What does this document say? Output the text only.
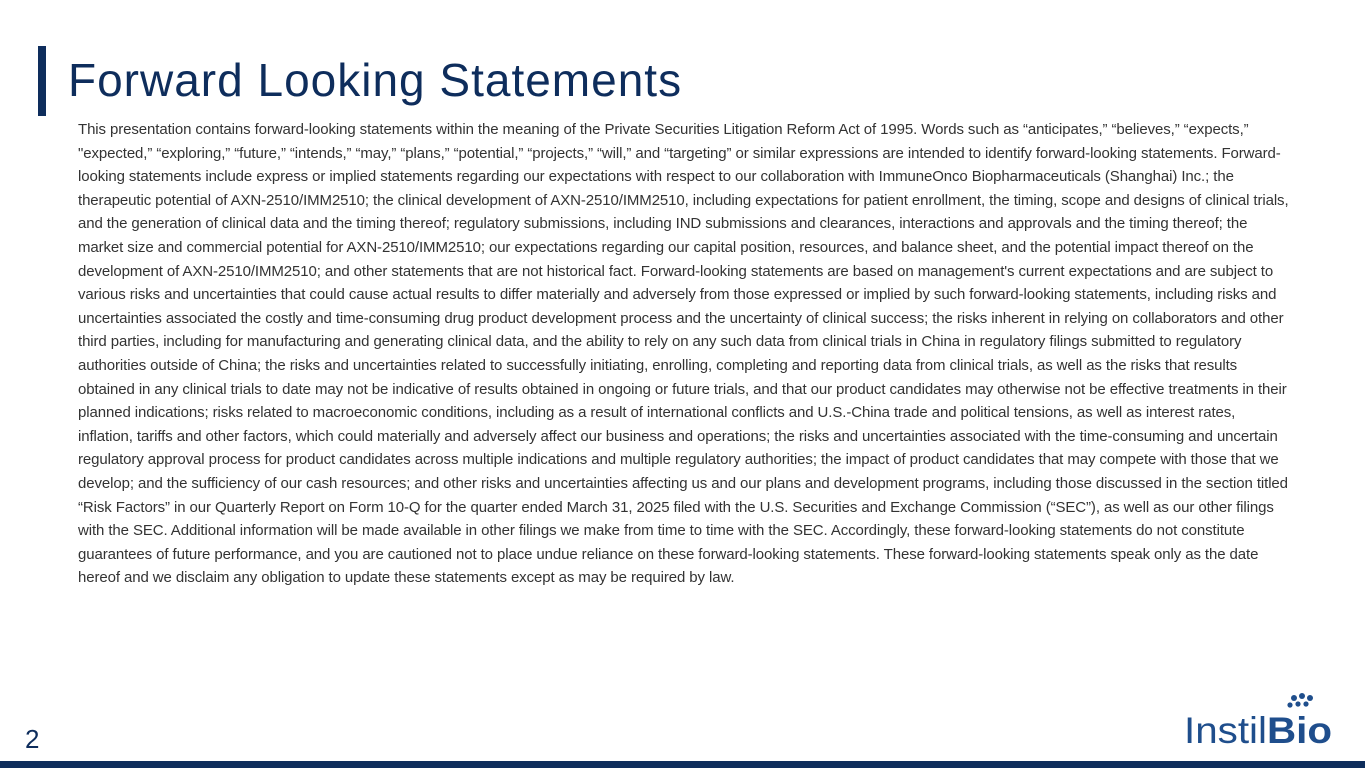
Forward Looking Statements

This presentation contains forward-looking statements within the meaning of the Private Securities Litigation Reform Act of 1995. Words such as “anticipates,” “believes,” “expects,” "expected,” “exploring,” “future,” “intends,” “may,” “plans,” “potential,” “projects,” “will,” and “targeting” or similar expressions are intended to identify forward-looking statements. Forward-looking statements include express or implied statements regarding our expectations with respect to our collaboration with ImmuneOnco Biopharmaceuticals (Shanghai) Inc.; the therapeutic potential of AXN-2510/IMM2510; the clinical development of AXN-2510/IMM2510, including expectations for patient enrollment, the timing, scope and designs of clinical trials, and the generation of clinical data and the timing thereof; regulatory submissions, including IND submissions and clearances, interactions and approvals and the timing thereof; the market size and commercial potential for AXN-2510/IMM2510; our expectations regarding our capital position, resources, and balance sheet, and the potential impact thereof on the development of AXN-2510/IMM2510; and other statements that are not historical fact. Forward-looking statements are based on management's current expectations and are subject to various risks and uncertainties that could cause actual results to differ materially and adversely from those expressed or implied by such forward-looking statements, including risks and uncertainties associated the costly and time-consuming drug product development process and the uncertainty of clinical success; the risks inherent in relying on collaborators and other third parties, including for manufacturing and generating clinical data, and the ability to rely on any such data from clinical trials in China in regulatory filings submitted to regulatory authorities outside of China; the risks and uncertainties related to successfully initiating, enrolling, completing and reporting data from clinical trials, as well as the risks that results obtained in any clinical trials to date may not be indicative of results obtained in ongoing or future trials, and that our product candidates may otherwise not be effective treatments in their planned indications; risks related to macroeconomic conditions, including as a result of international conflicts and U.S.-China trade and political tensions, as well as interest rates, inflation, tariffs and other factors, which could materially and adversely affect our business and operations; the risks and uncertainties associated with the time-consuming and uncertain regulatory approval process for product candidates across multiple indications and multiple regulatory authorities; the impact of product candidates that may compete with those that we develop; and the sufficiency of our cash resources; and other risks and uncertainties affecting us and our plans and development programs, including those discussed in the section titled “Risk Factors” in our Quarterly Report on Form 10-Q for the quarter ended March 31, 2025 filed with the U.S. Securities and Exchange Commission (“SEC”), as well as our other filings with the SEC. Additional information will be made available in other filings we make from time to time with the SEC. Accordingly, these forward-looking statements do not constitute guarantees of future performance, and you are cautioned not to place undue reliance on these forward-looking statements. These forward-looking statements speak only as the date hereof and we disclaim any obligation to update these statements except as may be required by law.

2	Instil Bio
